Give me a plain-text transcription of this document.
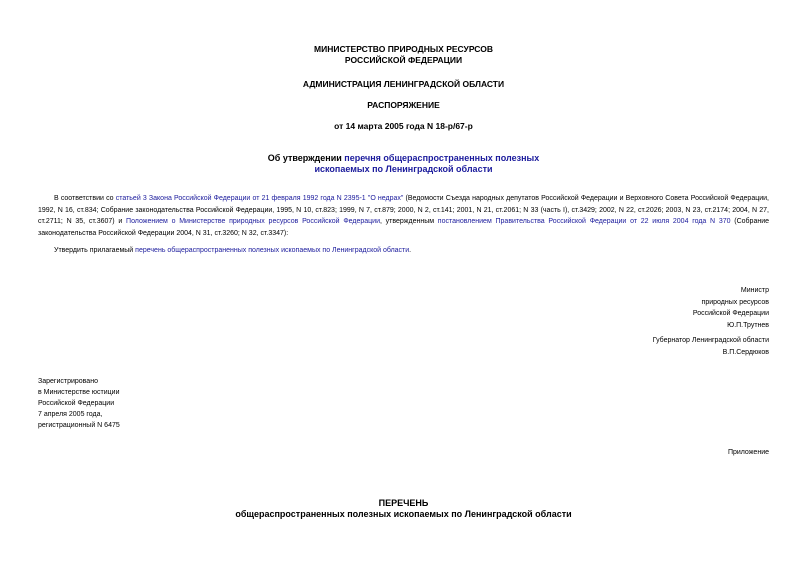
МИНИСТЕРСТВО ПРИРОДНЫХ РЕСУРСОВ
РОССИЙСКОЙ ФЕДЕРАЦИИ
АДМИНИСТРАЦИЯ ЛЕНИНГРАДСКОЙ ОБЛАСТИ
РАСПОРЯЖЕНИЕ
от 14 марта 2005 года N 18-р/67-р
Об утверждении перечня общераспространенных полезных
ископаемых по Ленинградской области
В соответствии со статьей 3 Закона Российской Федерации от 21 февраля 1992 года N 2395-1 "О недрах" (Ведомости Съезда народных депутатов Российской Федерации и Верховного Совета Российской Федерации, 1992, N 16, ст.834; Собрание законодательства Российской Федерации, 1995, N 10, ст.823; 1999, N 7, ст.879; 2000, N 2, ст.141; 2001, N 21, ст.2061; N 33 (часть I), ст.3429; 2002, N 22, ст.2026; 2003, N 23, ст.2174; 2004, N 27, ст.2711; N 35, ст.3607) и Положением о Министерстве природных ресурсов Российской Федерации, утвержденным постановлением Правительства Российской Федерации от 22 июля 2004 года N 370 (Собрание законодательства Российской Федерации 2004, N 31, ст.3260; N 32, ст.3347):
Утвердить прилагаемый перечень общераспространенных полезных ископаемых по Ленинградской области.
Министр
природных ресурсов
Российской Федерации
Ю.П.Трутнев
Губернатор Ленинградской области
В.П.Сердюков
Зарегистрировано
в Министерстве юстиции
Российской Федерации
7 апреля 2005 года,
регистрационный N 6475
Приложение
ПЕРЕЧЕНЬ
общераспространенных полезных ископаемых по Ленинградской области
